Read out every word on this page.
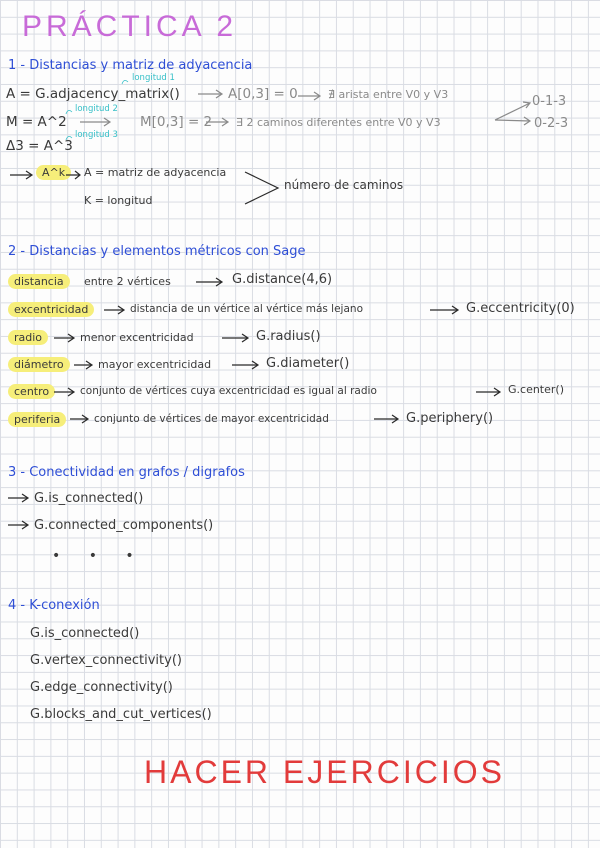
PRÁCTICA 2
1 - Distancias y matriz de adyacencia
longitud 1
A = G.adjacency_matrix()	A[0,3] = 0	∄ arista entre V0 y V3
longitud 2
M = A^2	M[0,3] = 2 ∃ 2 caminos diferentes entre V0 y V3
0-1-3
0-2-3
longitud 3
Δ3 = A^3
A^k	A = matriz de adyacencia
K = longitud
número de caminos
2 - Distancias y elementos métricos con Sage
distancia	entre 2 vértices	G.distance(4,6)
excentricidad	distancia de un vértice al vértice más lejano	G.eccentricity(0)
radio	menor excentricidad	G.radius()
diámetro	mayor excentricidad	G.diameter()
centro	conjunto de vértices cuya excentricidad es igual al radio	G.center()
periferia	conjunto de vértices de mayor excentricidad	G.periphery()
3 - Conectividad en grafos / digrafos
G.is_connected()
G.connected_components()
• • •
4 - K-conexión
G.is_connected()
G.vertex_connectivity()
G.edge_connectivity()
G.blocks_and_cut_vertices()
HACER EJERCICIOS
